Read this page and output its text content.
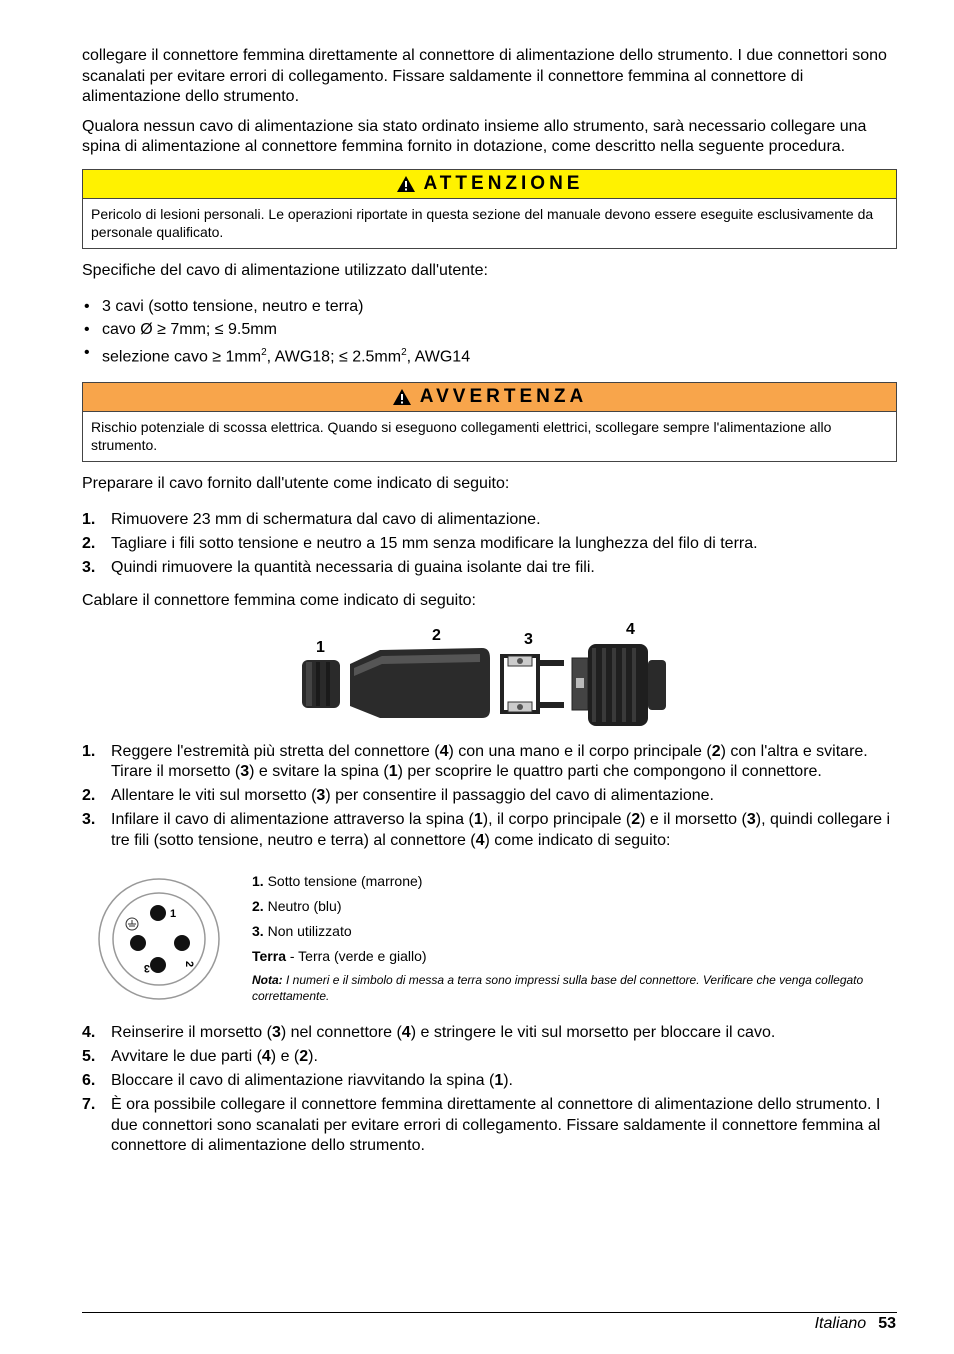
collegare il connettore femmina direttamente al connettore di alimentazione dello strumento. I due connettori sono scanalati per evitare errori di collegamento. Fissare saldamente il connettore femmina al connettore di alimentazione dello strumento.

Qualora nessun cavo di alimentazione sia stato ordinato insieme allo strumento, sarà necessario collegare una spina di alimentazione al connettore femmina fornito in dotazione, come descritto nella seguente procedura.

ATTENZIONE
Pericolo di lesioni personali. Le operazioni riportate in questa sezione del manuale devono essere eseguite esclusivamente da personale qualificato.

Specifiche del cavo di alimentazione utilizzato dall'utente:

• 3 cavi (sotto tensione, neutro e terra)
• cavo Ø ≥ 7mm; ≤ 9.5mm
• selezione cavo ≥ $1mm^2$, AWG18; ≤ $2.5mm^2$, AWG14
AVVERTENZA
Rischio potenziale di scossa elettrica. Quando si eseguono collegamenti elettrici, scollegare sempre l'alimentazione allo strumento.

Preparare il cavo fornito dall'utente come indicato di seguito:

1. Rimuovere 23 mm di schermatura dal cavo di alimentazione.
2. Tagliare i fili sotto tensione e neutro a 15 mm senza modificare la lunghezza del filo di terra.
3. Quindi rimuovere la quantità necessaria di guaina isolante dai tre fili.

Cablare il connettore femmina come indicato di seguito:

1
2	3
4
1. Reggere l'estremità più stretta del connettore (4) con una mano e il corpo principale (2) con l'altra e svitare. Tirare il morsetto (3) e svitare la spina (1) per scoprire le quattro parti che compongono il connettore.
2. Allentare le viti sul morsetto (3) per consentire il passaggio del cavo di alimentazione.
3. Infilare il cavo di alimentazione attraverso la spina (1), il corpo principale (2) e il morsetto (3), quindi collegare i tre fili (sotto tensione, neutro e terra) al connettore (4) come indicato di seguito:
1
2
3
1. Sotto tensione (marrone)
2. Neutro (blu)
3. Non utilizzato
Terra - Terra (verde e giallo)
Nota: I numeri e il simbolo di messa a terra sono impressi sulla base del connettore. Verificare che venga collegato correttamente.
4. Reinserire il morsetto (3) nel connettore (4) e stringere le viti sul morsetto per bloccare il cavo.
5. Avvitare le due parti (4) e (2).
6. Bloccare il cavo di alimentazione riavvitando la spina (1).
7. È ora possibile collegare il connettore femmina direttamente al connettore di alimentazione dello strumento. I due connettori sono scanalati per evitare errori di collegamento. Fissare saldamente il connettore femmina al connettore di alimentazione dello strumento.
Italiano 53
